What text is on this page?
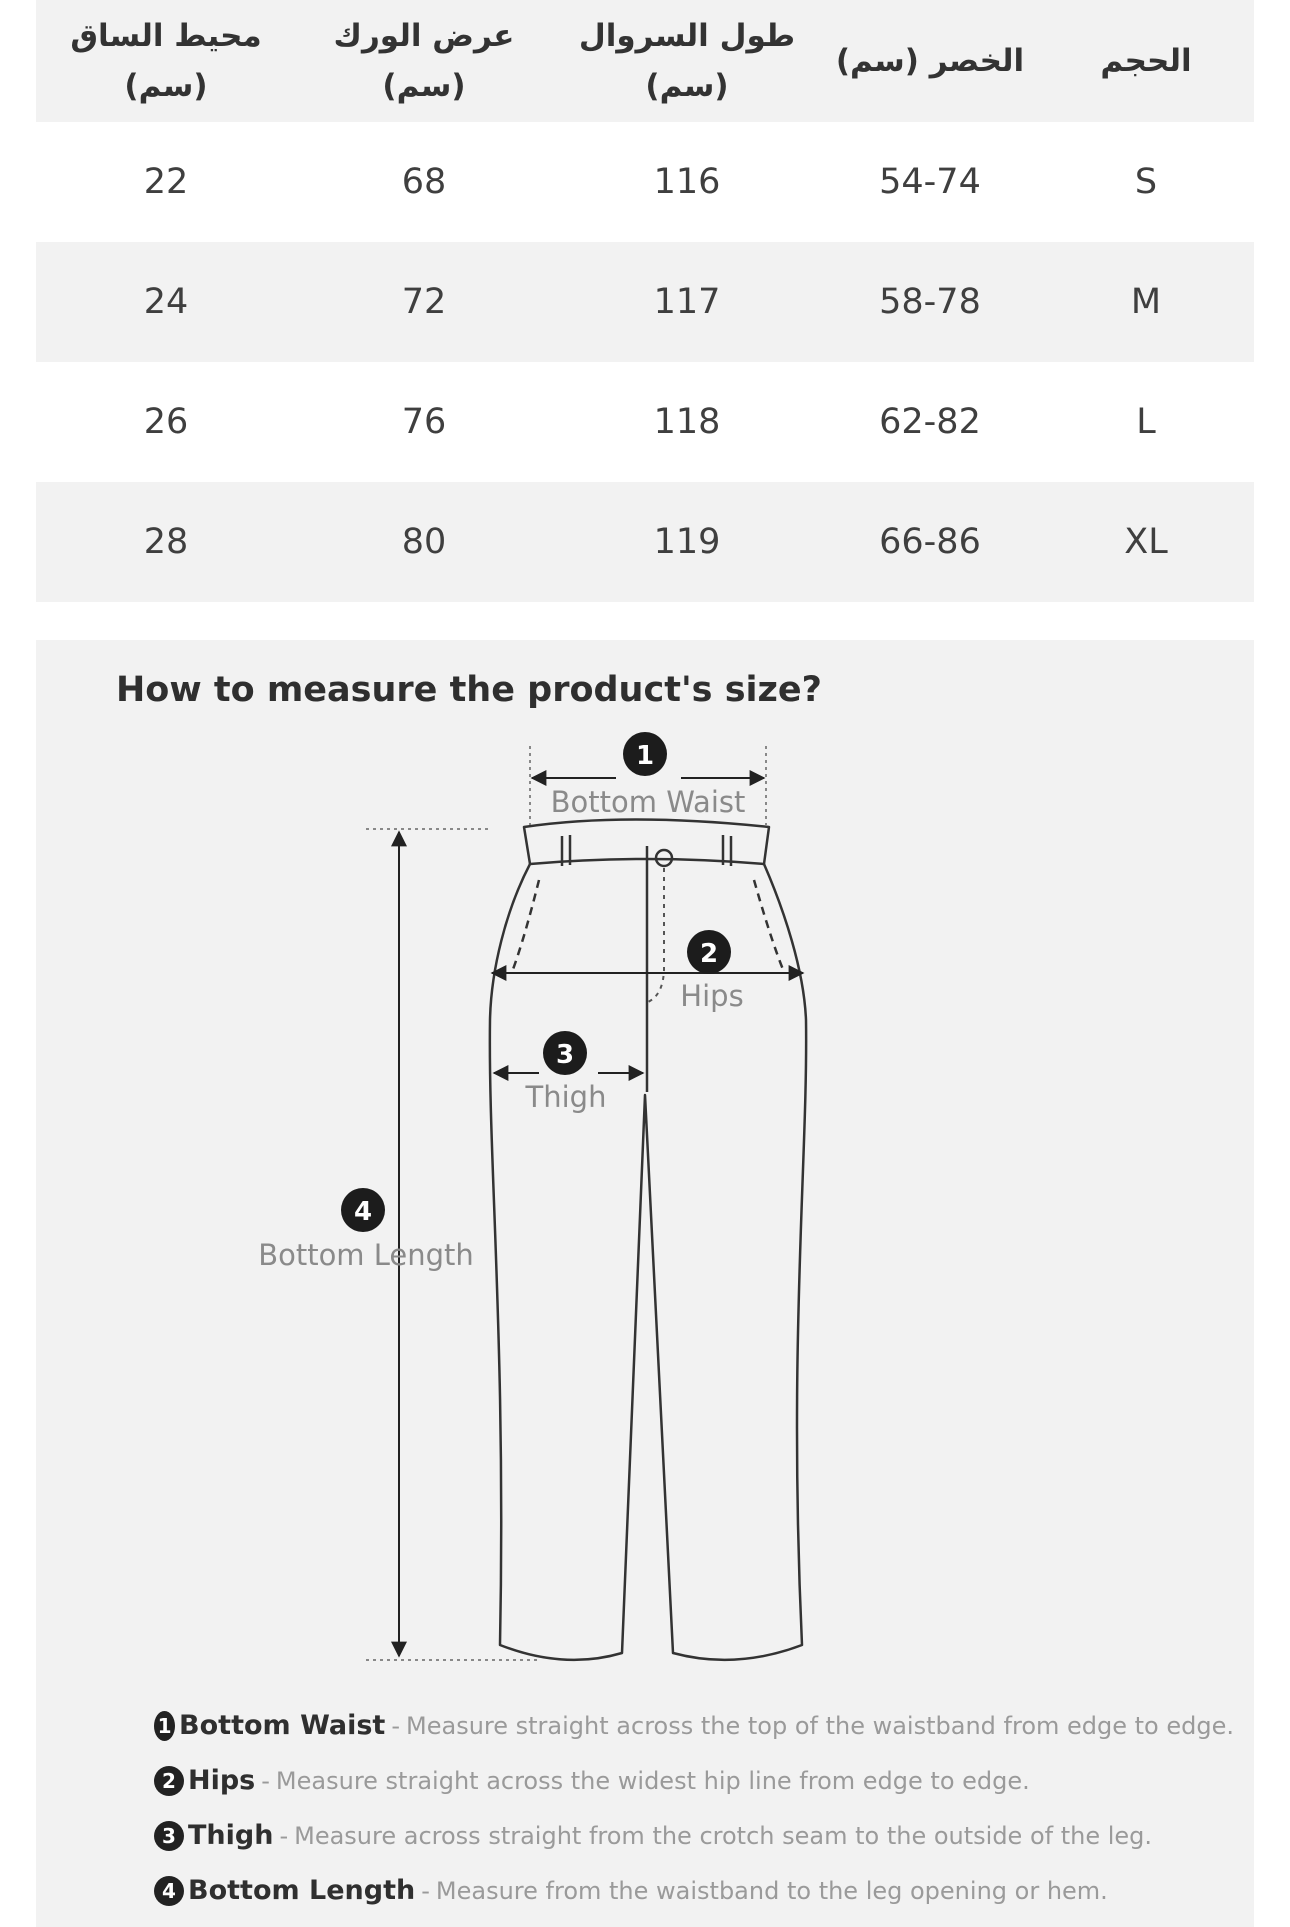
الحجم
الخصر (سم)
طول السروال
(سم)
عرض الورك
(سم)
محيط الساق
(سم)
S
54-74
116
68
22
M
58-78
117
72
24
L
62-82
118
76
26
XL
66-86
119
80
28
How to measure the product's size?
1
Bottom Waist
2
Hips
3
Thigh
4
Bottom Length
1 Bottom Waist - Measure straight across the top of the waistband from edge to edge.
2 Hips - Measure straight across the widest hip line from edge to edge.
3 Thigh - Measure across straight from the crotch seam to the outside of the leg.
4 Bottom Length - Measure from the waistband to the leg opening or hem.
